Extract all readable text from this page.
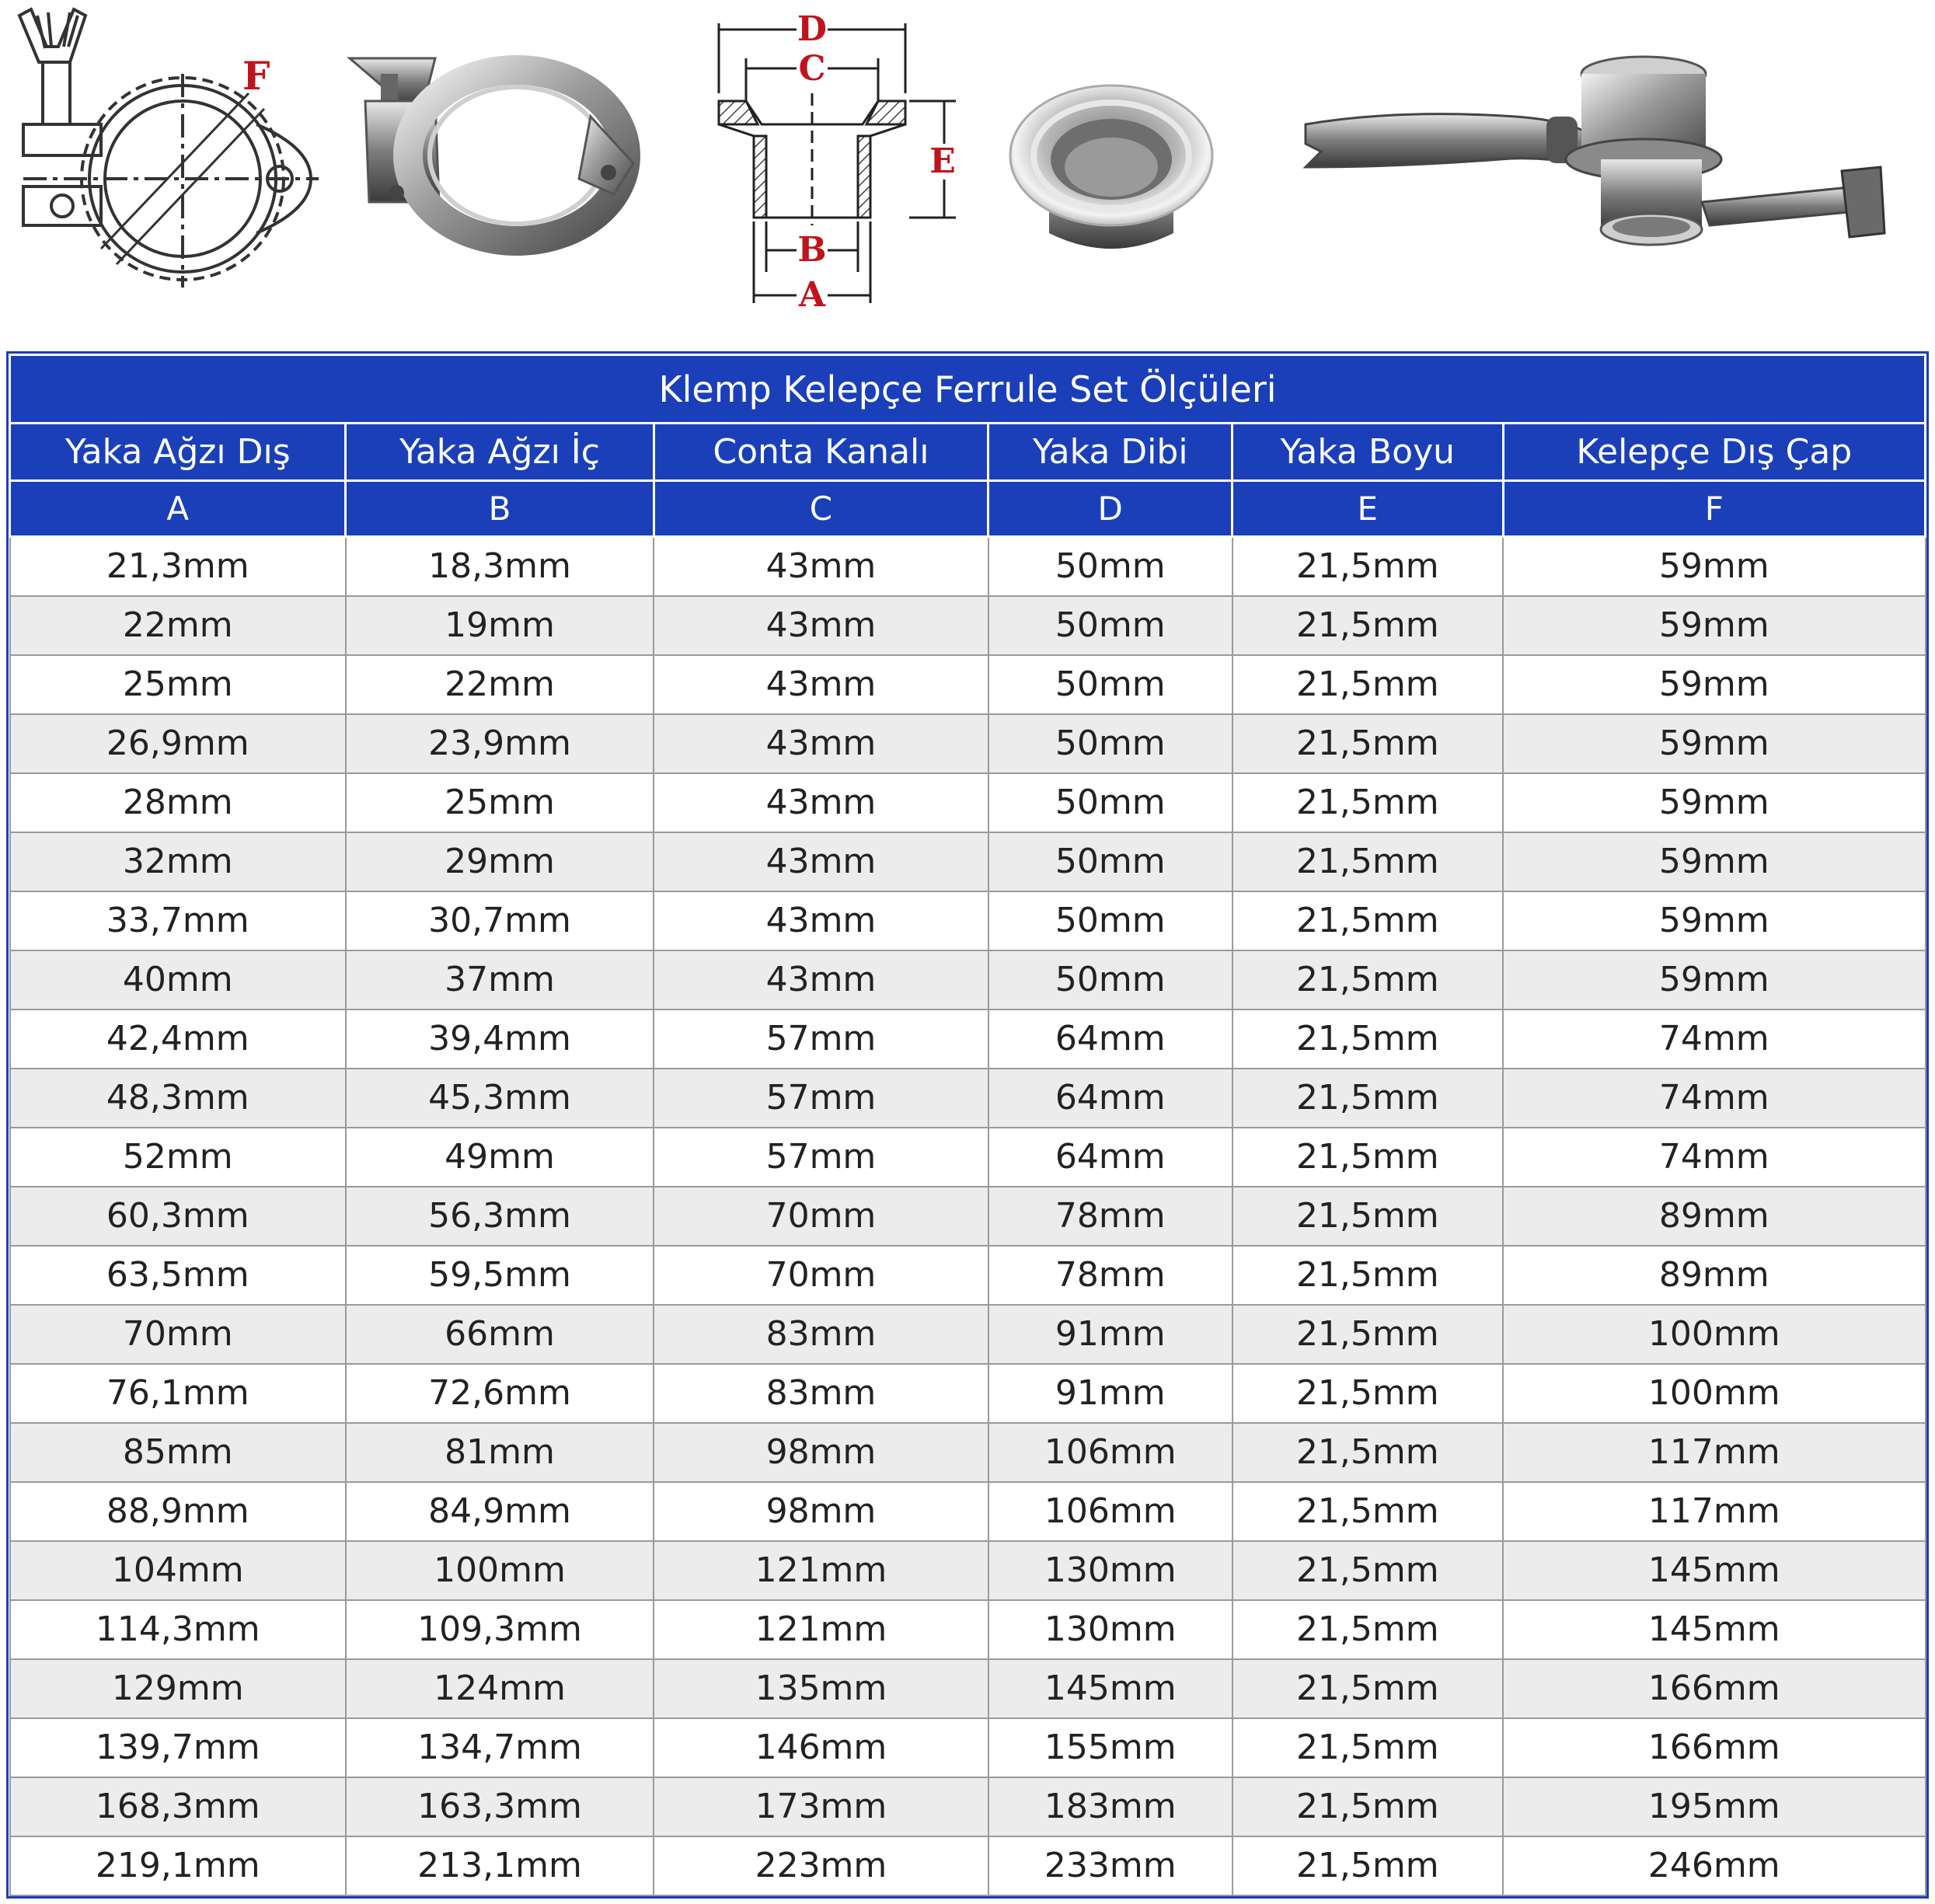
F
D
C
E
B
A
Klemp Kelepçe Ferrule Set Ölçüleri					
Yaka Ağzı Dış	Yaka Ağzı İç	Conta Kanalı	Yaka Dibi	Yaka Boyu	Kelepçe Dış Çap
A	B	C	D	E	F
21,3mm	18,3mm	43mm	50mm	21,5mm	59mm
22mm	19mm	43mm	50mm	21,5mm	59mm
25mm	22mm	43mm	50mm	21,5mm	59mm
26,9mm	23,9mm	43mm	50mm	21,5mm	59mm
28mm	25mm	43mm	50mm	21,5mm	59mm
32mm	29mm	43mm	50mm	21,5mm	59mm
33,7mm	30,7mm	43mm	50mm	21,5mm	59mm
40mm	37mm	43mm	50mm	21,5mm	59mm
42,4mm	39,4mm	57mm	64mm	21,5mm	74mm
48,3mm	45,3mm	57mm	64mm	21,5mm	74mm
52mm	49mm	57mm	64mm	21,5mm	74mm
60,3mm	56,3mm	70mm	78mm	21,5mm	89mm
63,5mm	59,5mm	70mm	78mm	21,5mm	89mm
70mm	66mm	83mm	91mm	21,5mm	100mm
76,1mm	72,6mm	83mm	91mm	21,5mm	100mm
85mm	81mm	98mm	106mm	21,5mm	117mm
88,9mm	84,9mm	98mm	106mm	21,5mm	117mm
104mm	100mm	121mm	130mm	21,5mm	145mm
114,3mm	109,3mm	121mm	130mm	21,5mm	145mm
129mm	124mm	135mm	145mm	21,5mm	166mm
139,7mm	134,7mm	146mm	155mm	21,5mm	166mm
168,3mm	163,3mm	173mm	183mm	21,5mm	195mm
219,1mm	213,1mm	223mm	233mm	21,5mm	246mm
